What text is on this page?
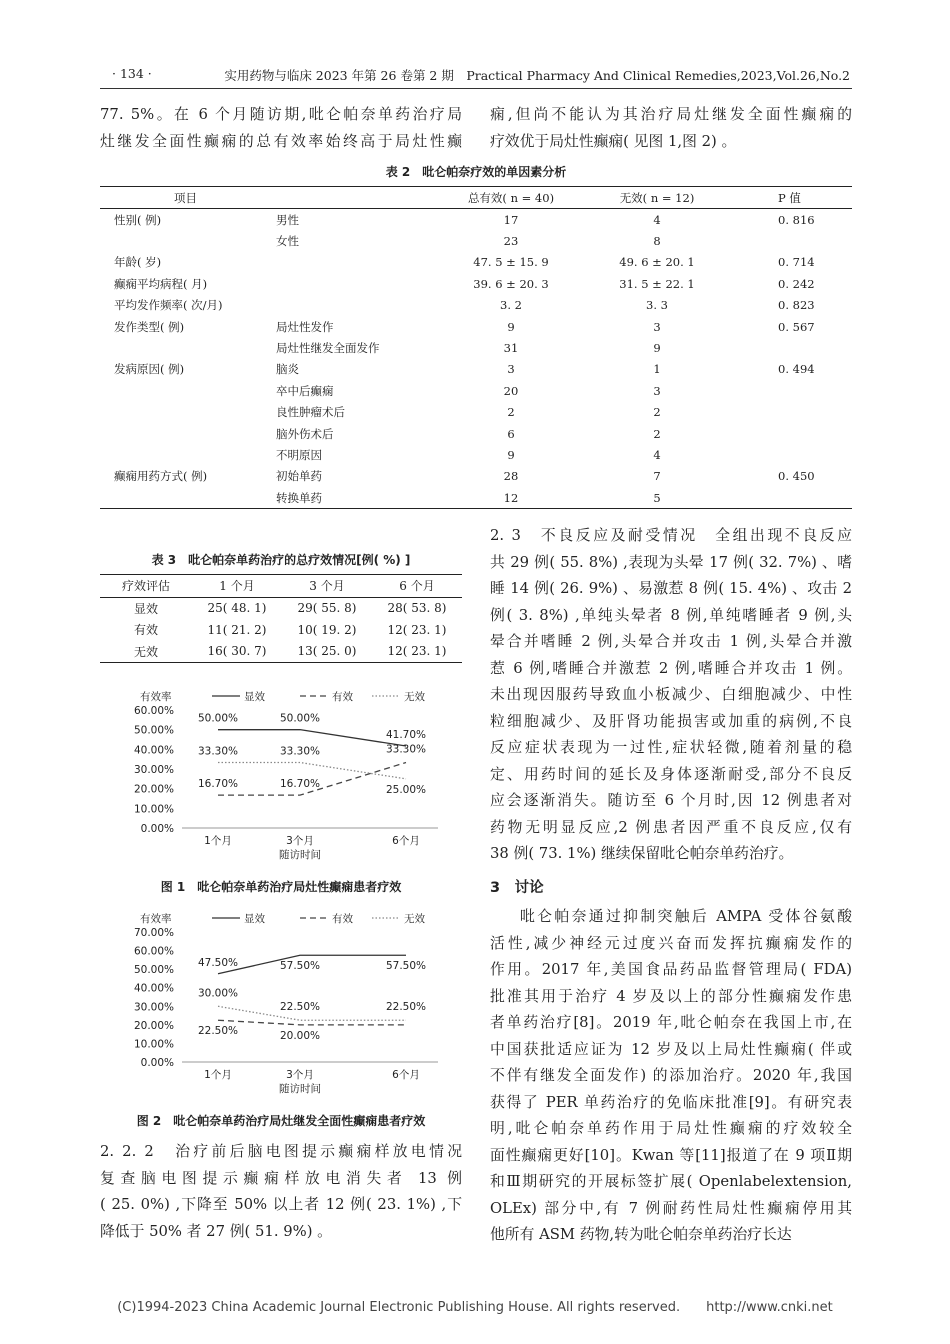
· 134 ·	实用药物与临床 2023 年第 26 卷第 2 期　Practical Pharmacy And Clinical Remedies,2023,Vol.26,No.2

77. 5%。在 6 个月随访期,吡仑帕奈单药治疗局

灶继发全面性癫痫的总有效率始终高于局灶性癫

痫,但尚不能认为其治疗局灶继发全面性癫痫的

疗效优于局灶性癫痫( 见图 1,图 2) 。

表 2　吡仑帕奈疗效的单因素分析
项目		总有效( n = 40)	无效( n = 12)	P 值
性别( 例)	男性	17	4	0. 816
	女性	23	8	
年龄( 岁)		47. 5 ± 15. 9	49. 6 ± 20. 1	0. 714
癫痫平均病程( 月)		39. 6 ± 20. 3	31. 5 ± 22. 1	0. 242
平均发作频率( 次/月)		3. 2	3. 3	0. 823
发作类型( 例)	局灶性发作	9	3	0. 567
	局灶性继发全面发作	31	9	
发病原因( 例)	脑炎	3	1	0. 494
	卒中后癫痫	20	3	
	良性肿瘤术后	2	2	
	脑外伤术后	6	2	
	不明原因	9	4	
癫痫用药方式( 例)	初始单药	28	7	0. 450
	转换单药	12	5	
表 3　吡仑帕奈单药治疗的总疗效情况[例( %) ]
疗效评估	1 个月	3 个月	6 个月
显效	25( 48. 1)	29( 55. 8)	28( 53. 8)
有效	11( 21. 2)	10( 19. 2)	12( 23. 1)
无效	16( 30. 7)	13( 25. 0)	12( 23. 1)
有效率
0.00%
10.00%
20.00%
30.00%
40.00%
50.00%
60.00%
1个月	3个月	6个月
随访时间
显效	有效	无效
50.00%	50.00%
41.70%
16.70%	16.70%
33.30%
33.30%	33.30%
25.00%
图 1　吡仑帕奈单药治疗局灶性癫痫患者疗效
有效率
0.00%
10.00%
20.00%
30.00%
40.00%
50.00%
60.00%
70.00%
1个月	3个月	6个月
随访时间
显效	有效	无效
47.50%	57.50%	57.50%
22.50%	20.00%
30.00%
22.50%	22.50%
图 2　吡仑帕奈单药治疗局灶继发全面性癫痫患者疗效

2. 2. 2　治疗前后脑电图提示癫痫样放电情况

复查脑电图提示癫痫样放电消失者 13 例

( 25. 0%) ,下降至 50% 以上者 12 例( 23. 1%) ,下

降低于 50% 者 27 例( 51. 9%) 。

2. 3　不良反应及耐受情况　全组出现不良反应

共 29 例( 55. 8%) ,表现为头晕 17 例( 32. 7%) 、嗜

睡 14 例( 26. 9%) 、易激惹 8 例( 15. 4%) 、攻击 2

例( 3. 8%) ,单纯头晕者 8 例,单纯嗜睡者 9 例,头

晕合并嗜睡 2 例,头晕合并攻击 1 例,头晕合并激

惹 6 例,嗜睡合并激惹 2 例,嗜睡合并攻击 1 例。

未出现因服药导致血小板减少、白细胞减少、中性

粒细胞减少、及肝肾功能损害或加重的病例,不良

反应症状表现为一过性,症状轻微,随着剂量的稳

定、用药时间的延长及身体逐渐耐受,部分不良反

应会逐渐消失。随访至 6 个月时,因 12 例患者对

药物无明显反应,2 例患者因严重不良反应,仅有

38 例( 73. 1%) 继续保留吡仑帕奈单药治疗。

3　讨论

吡仑帕奈通过抑制突触后 AMPA 受体谷氨酸

活性,减少神经元过度兴奋而发挥抗癫痫发作的

作用。2017 年,美国食品药品监督管理局( FDA)

批准其用于治疗 4 岁及以上的部分性癫痫发作患

者单药治疗[8]。2019 年,吡仑帕奈在我国上市,在

中国获批适应证为 12 岁及以上局灶性癫痫( 伴或

不伴有继发全面发作) 的添加治疗。2020 年,我国

获得了 PER 单药治疗的免临床批准[9]。有研究表

明,吡仑帕奈单药作用于局灶性癫痫的疗效较全

面性癫痫更好[10]。Kwan 等[11]报道了在 9 项Ⅱ期

和Ⅲ期研究的开展标签扩展( Openlabelextension,

OLEx) 部分中,有 7 例耐药性局灶性癫痫停用其

他所有 ASM 药物,转为吡仑帕奈单药治疗长达

(C)1994-2023 China Academic Journal Electronic Publishing House. All rights reserved.　　http://www.cnki.net
